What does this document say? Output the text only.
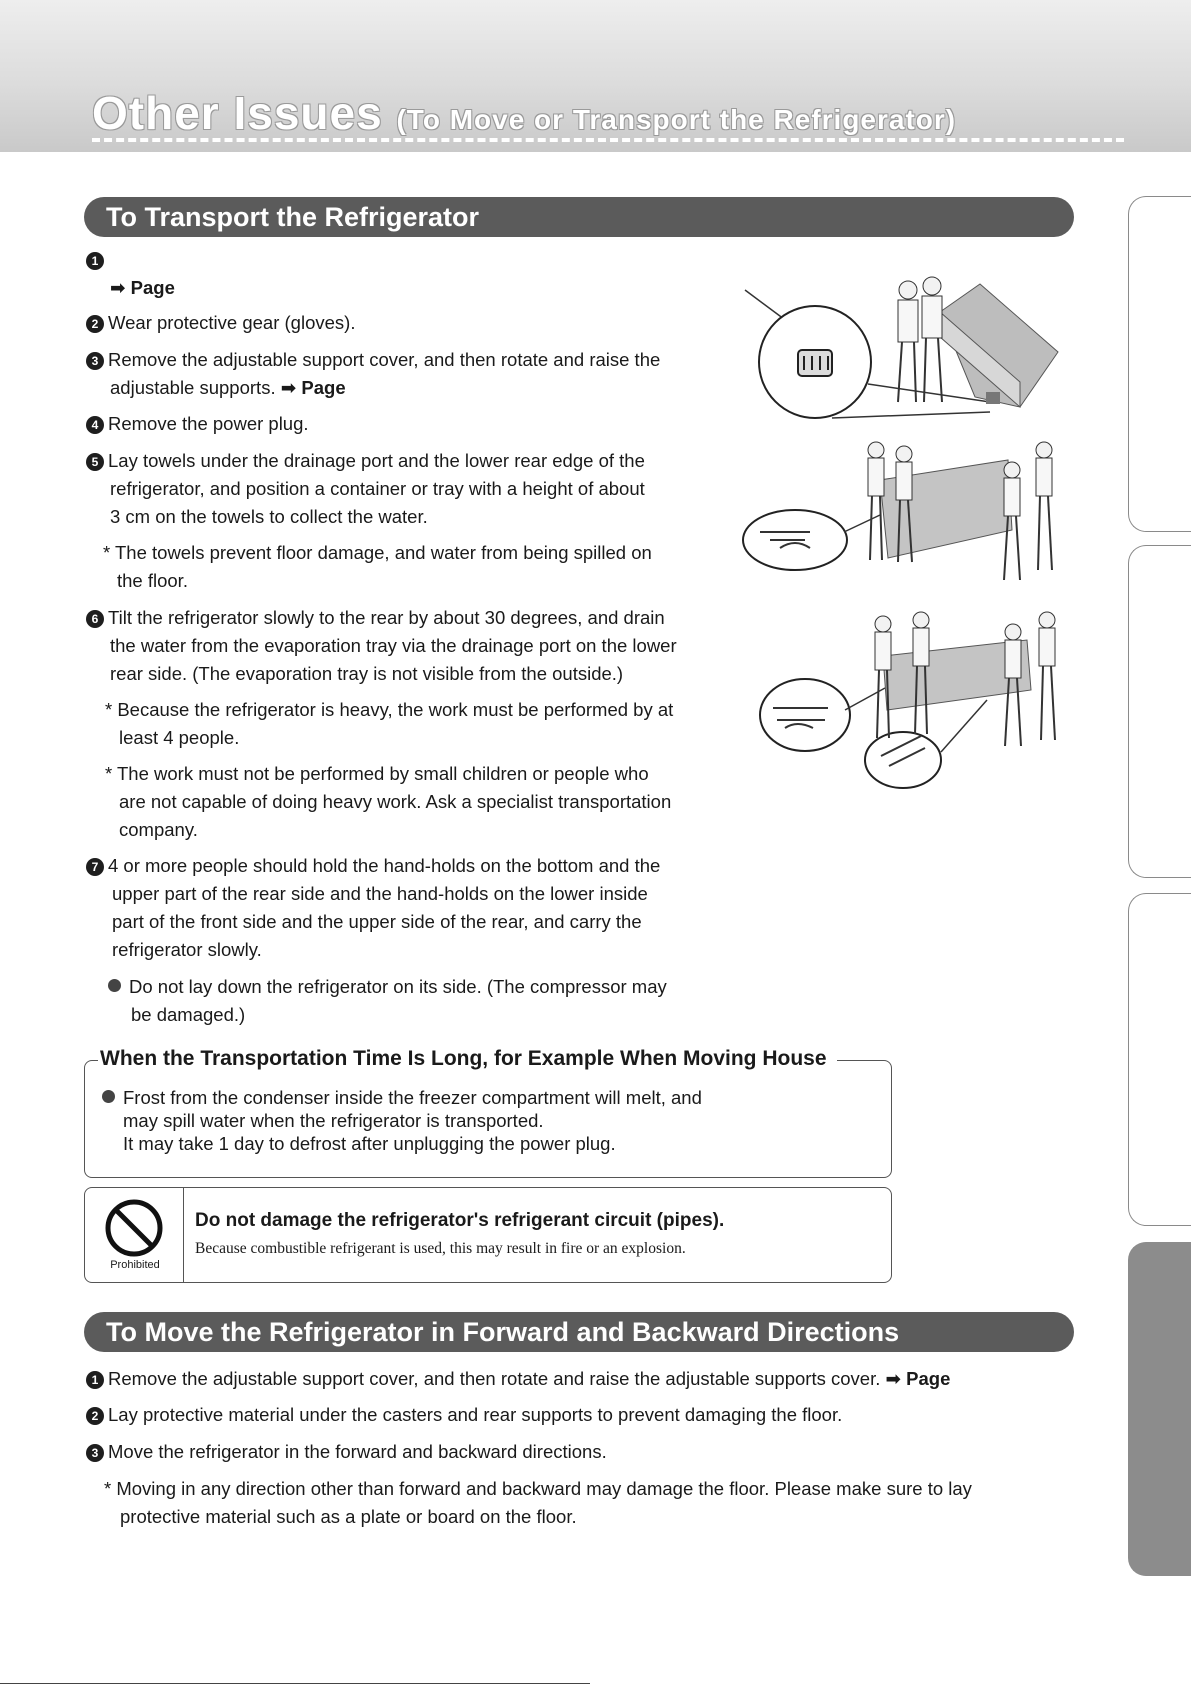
Other Issues (To Move or Transport the Refrigerator)
To Transport the Refrigerator
1
➡ Page
2 Wear protective gear (gloves).
3 Remove the adjustable support cover, and then rotate and raise the
adjustable supports. ➡ Page
4 Remove the power plug.
5 Lay towels under the drainage port and the lower rear edge of the
refrigerator, and position a container or tray with a height of about
3 cm on the towels to collect the water.
* The towels prevent floor damage, and water from being spilled on
the floor.
6 Tilt the refrigerator slowly to the rear by about 30 degrees, and drain
the water from the evaporation tray via the drainage port on the lower
rear side. (The evaporation tray is not visible from the outside.)
* Because the refrigerator is heavy, the work must be performed by at
least 4 people.
* The work must not be performed by small children or people who
are not capable of doing heavy work. Ask a specialist transportation
company.
7 4 or more people should hold the hand-holds on the bottom and the
upper part of the rear side and the hand-holds on the lower inside
part of the front side and the upper side of the rear, and carry the
refrigerator slowly.
Do not lay down the refrigerator on its side. (The compressor may
be damaged.)
When the Transportation Time Is Long, for Example When Moving House
Frost from the condenser inside the freezer compartment will melt, and
may spill water when the refrigerator is transported.
It may take 1 day to defrost after unplugging the power plug.
Prohibited
Do not damage the refrigerator's refrigerant circuit (pipes).
Because combustible refrigerant is used, this may result in fire or an explosion.
To Move the Refrigerator in Forward and Backward Directions
1 Remove the adjustable support cover, and then rotate and raise the adjustable supports cover. ➡ Page
2 Lay protective material under the casters and rear supports to prevent damaging the floor.
3 Move the refrigerator in the forward and backward directions.
* Moving in any direction other than forward and backward may damage the floor. Please make sure to lay
protective material such as a plate or board on the floor.
